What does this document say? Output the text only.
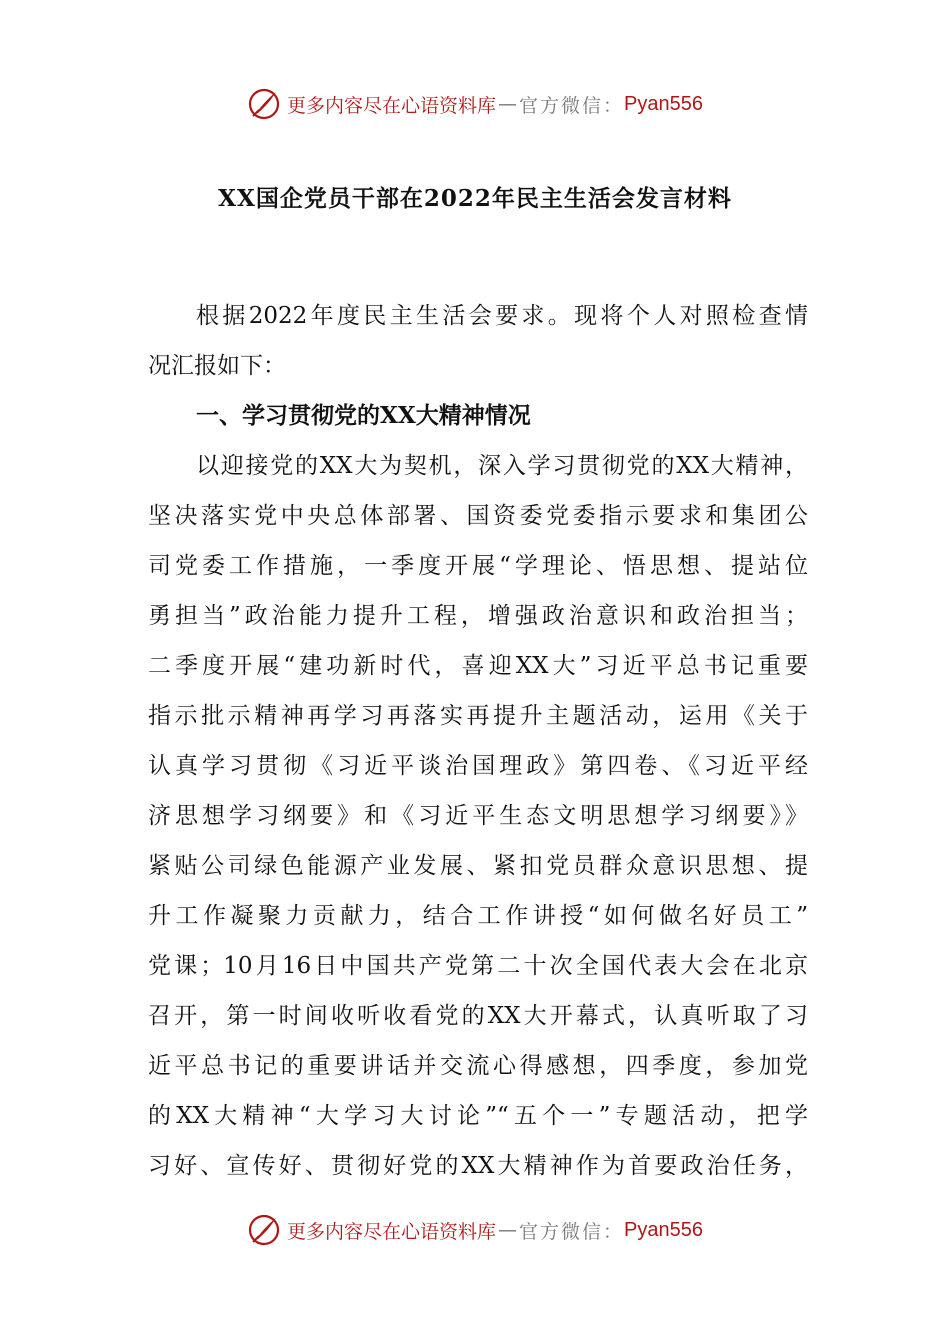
更多内容尽在心语资料库 — 官方微信： Pyan556
XX国企党员干部在2022年民主生活会发言材料
根据2022年度民主生活会要求。现将个人对照检查情
况汇报如下：
一、学习贯彻党的XX大精神情况
以迎接党的XX大为契机，深入学习贯彻党的XX大精神，
坚决落实党中央总体部署、国资委党委指示要求和集团公
司党委工作措施，一季度开展“学理论、悟思想、提站位
勇担当”政治能力提升工程，增强政治意识和政治担当；
二季度开展“建功新时代，喜迎XX大”习近平总书记重要
指示批示精神再学习再落实再提升主题活动，运用《关于
认真学习贯彻《习近平谈治国理政》第四卷、《习近平经
济思想学习纲要》和《习近平生态文明思想学习纲要》》
紧贴公司绿色能源产业发展、紧扣党员群众意识思想、提
升工作凝聚力贡献力，结合工作讲授“如何做名好员工”
党课；10月16日中国共产党第二十次全国代表大会在北京
召开，第一时间收听收看党的XX大开幕式，认真听取了习
近平总书记的重要讲话并交流心得感想，四季度，参加党
的XX大精神“大学习大讨论”“五个一”专题活动，把学
习好、宣传好、贯彻好党的XX大精神作为首要政治任务，
更多内容尽在心语资料库 — 官方微信： Pyan556
